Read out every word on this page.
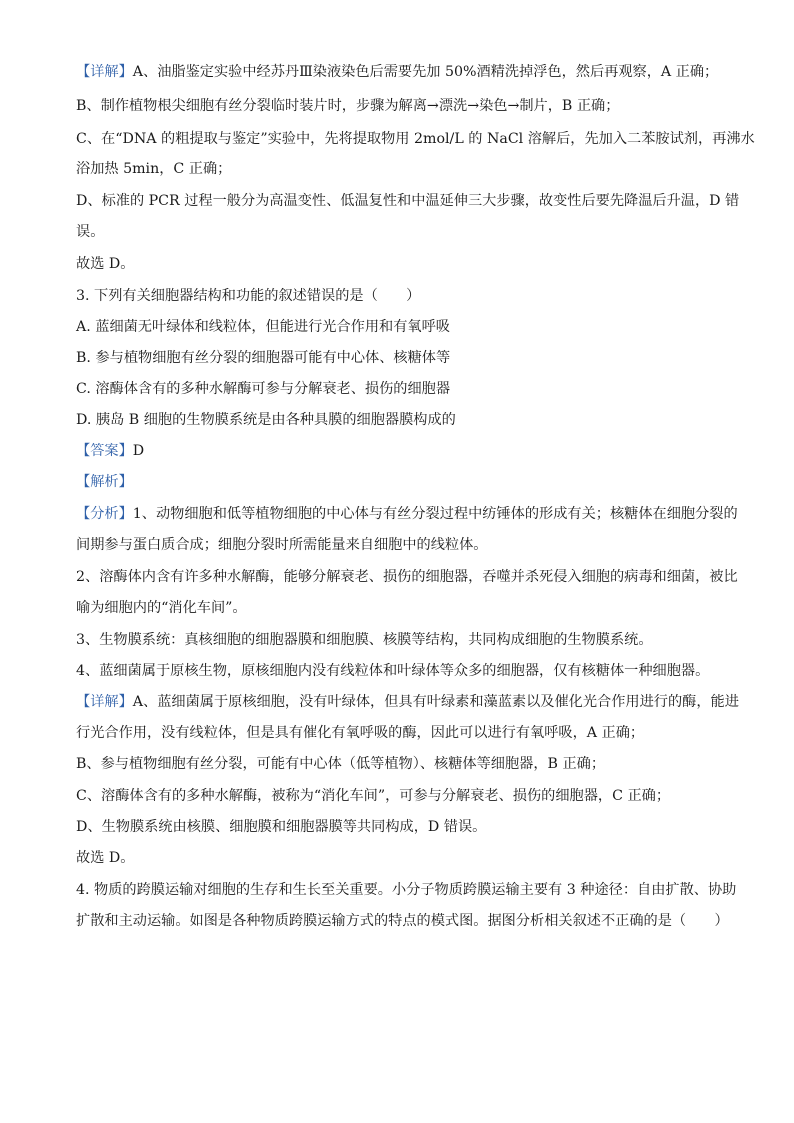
【详解】A、油脂鉴定实验中经苏丹Ⅲ染液染色后需要先加 50%酒精洗掉浮色，然后再观察，A 正确；
B、制作植物根尖细胞有丝分裂临时装片时，步骤为解离→漂洗→染色→制片，B 正确；
C、在“DNA 的粗提取与鉴定”实验中，先将提取物用 2mol/L 的 NaCl 溶解后，先加入二苯胺试剂，再沸水
浴加热 5min，C 正确；
D、标准的 PCR 过程一般分为高温变性、低温复性和中温延伸三大步骤，故变性后要先降温后升温，D 错
误。
故选 D。
3. 下列有关细胞器结构和功能的叙述错误的是（　　）
A. 蓝细菌无叶绿体和线粒体，但能进行光合作用和有氧呼吸
B. 参与植物细胞有丝分裂的细胞器可能有中心体、核糖体等
C. 溶酶体含有的多种水解酶可参与分解衰老、损伤的细胞器
D. 胰岛 B 细胞的生物膜系统是由各种具膜的细胞器膜构成的
【答案】D
【解析】
【分析】1、动物细胞和低等植物细胞的中心体与有丝分裂过程中纺锤体的形成有关；核糖体在细胞分裂的
间期参与蛋白质合成；细胞分裂时所需能量来自细胞中的线粒体。
2、溶酶体内含有许多种水解酶，能够分解衰老、损伤的细胞器，吞噬并杀死侵入细胞的病毒和细菌，被比
喻为细胞内的“消化车间”。
3、生物膜系统：真核细胞的细胞器膜和细胞膜、核膜等结构，共同构成细胞的生物膜系统。
4、蓝细菌属于原核生物，原核细胞内没有线粒体和叶绿体等众多的细胞器，仅有核糖体一种细胞器。
【详解】A、蓝细菌属于原核细胞，没有叶绿体，但具有叶绿素和藻蓝素以及催化光合作用进行的酶，能进
行光合作用，没有线粒体，但是具有催化有氧呼吸的酶，因此可以进行有氧呼吸，A 正确；
B、参与植物细胞有丝分裂，可能有中心体（低等植物）、核糖体等细胞器，B 正确；
C、溶酶体含有的多种水解酶，被称为“消化车间”，可参与分解衰老、损伤的细胞器，C 正确；
D、生物膜系统由核膜、细胞膜和细胞器膜等共同构成，D 错误。
故选 D。
4. 物质的跨膜运输对细胞的生存和生长至关重要。小分子物质跨膜运输主要有 3 种途径：自由扩散、协助
扩散和主动运输。如图是各种物质跨膜运输方式的特点的模式图。据图分析相关叙述不正确的是（　　）
